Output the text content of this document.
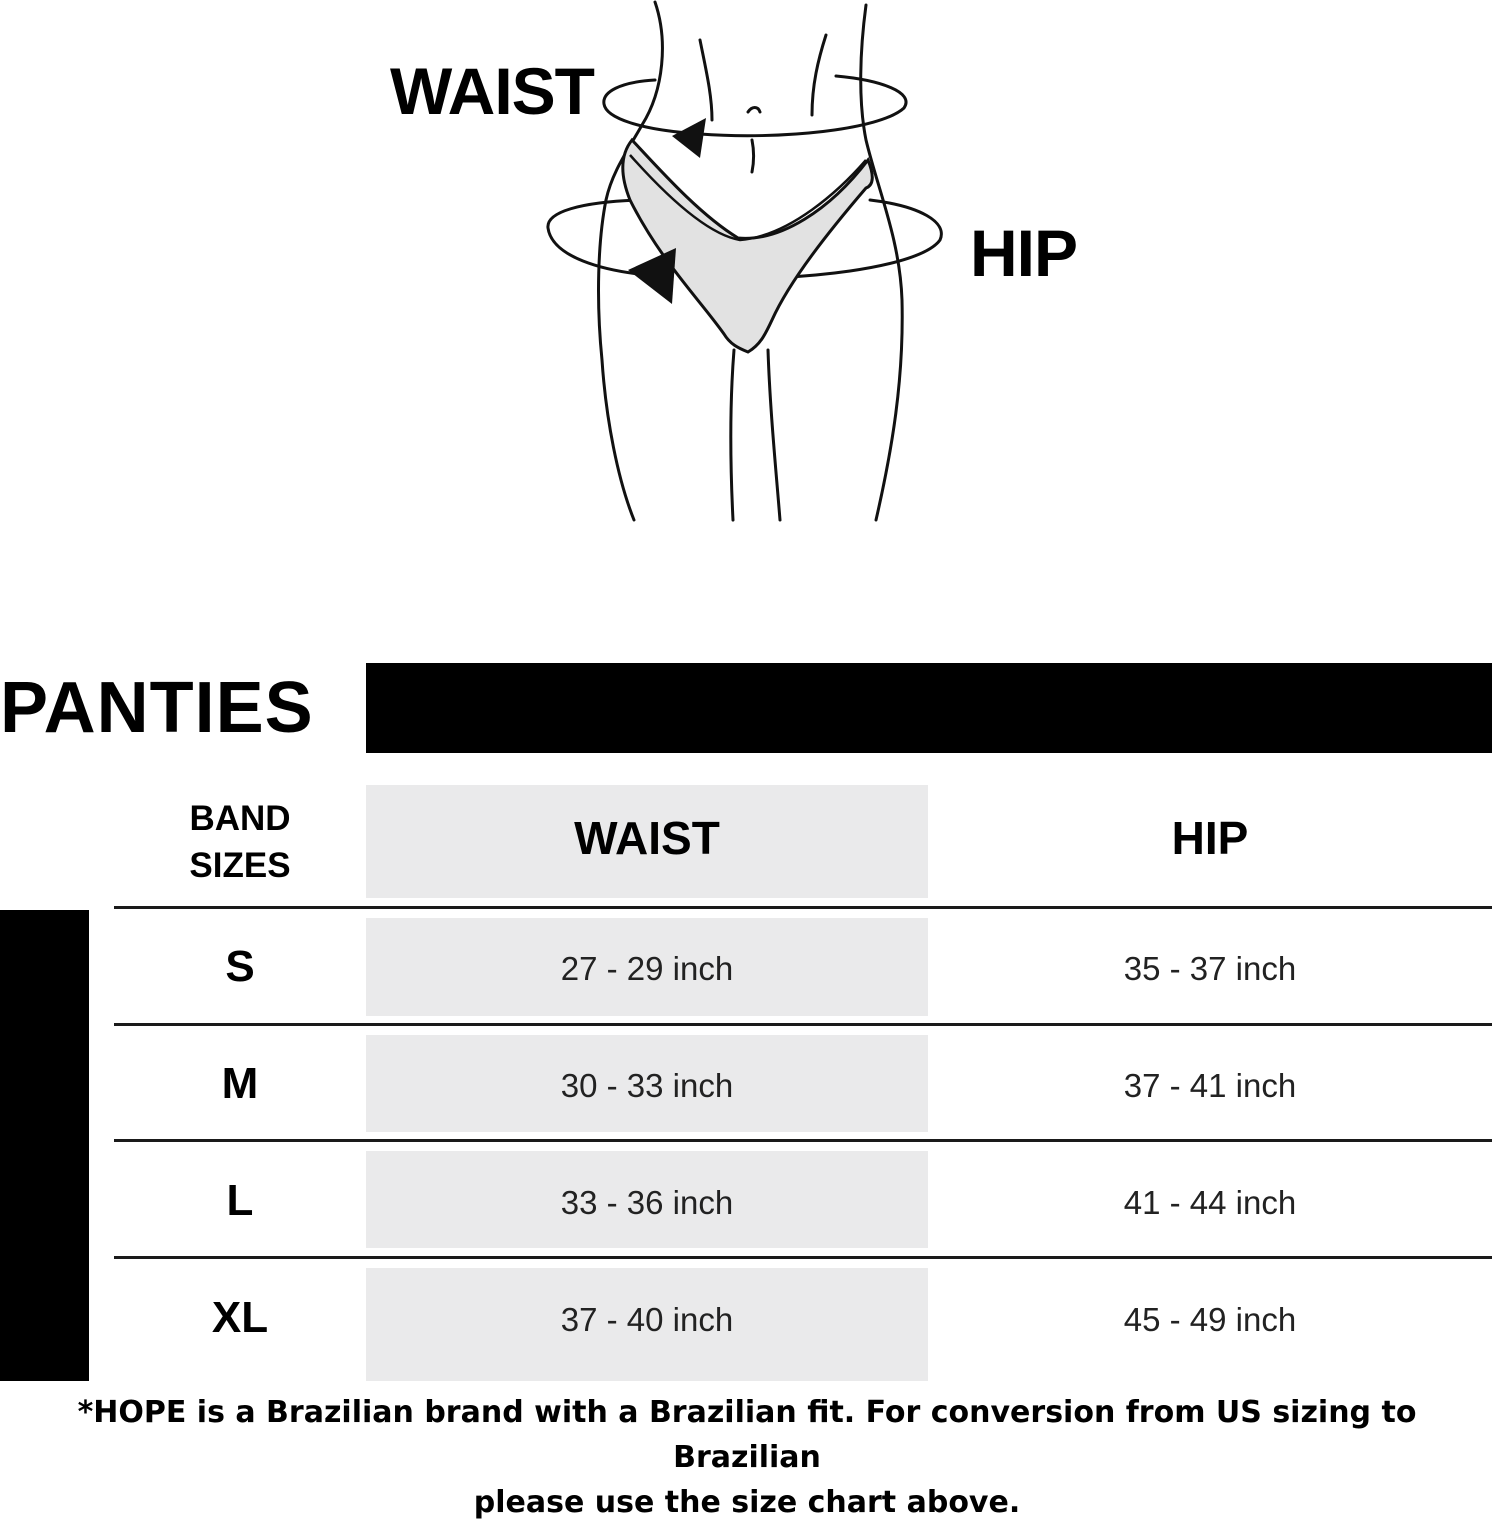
WAIST
HIP
PANTIES
BAND
SIZES
WAIST	HIP
S	27 - 29 inch	35 - 37 inch
M	30 - 33 inch	37 - 41 inch
L	33 - 36 inch	41 - 44 inch
XL	37 - 40 inch	45 - 49 inch
*HOPE is a Brazilian brand with a Brazilian fit. For conversion from US sizing to Brazilian
please use the size chart above.
